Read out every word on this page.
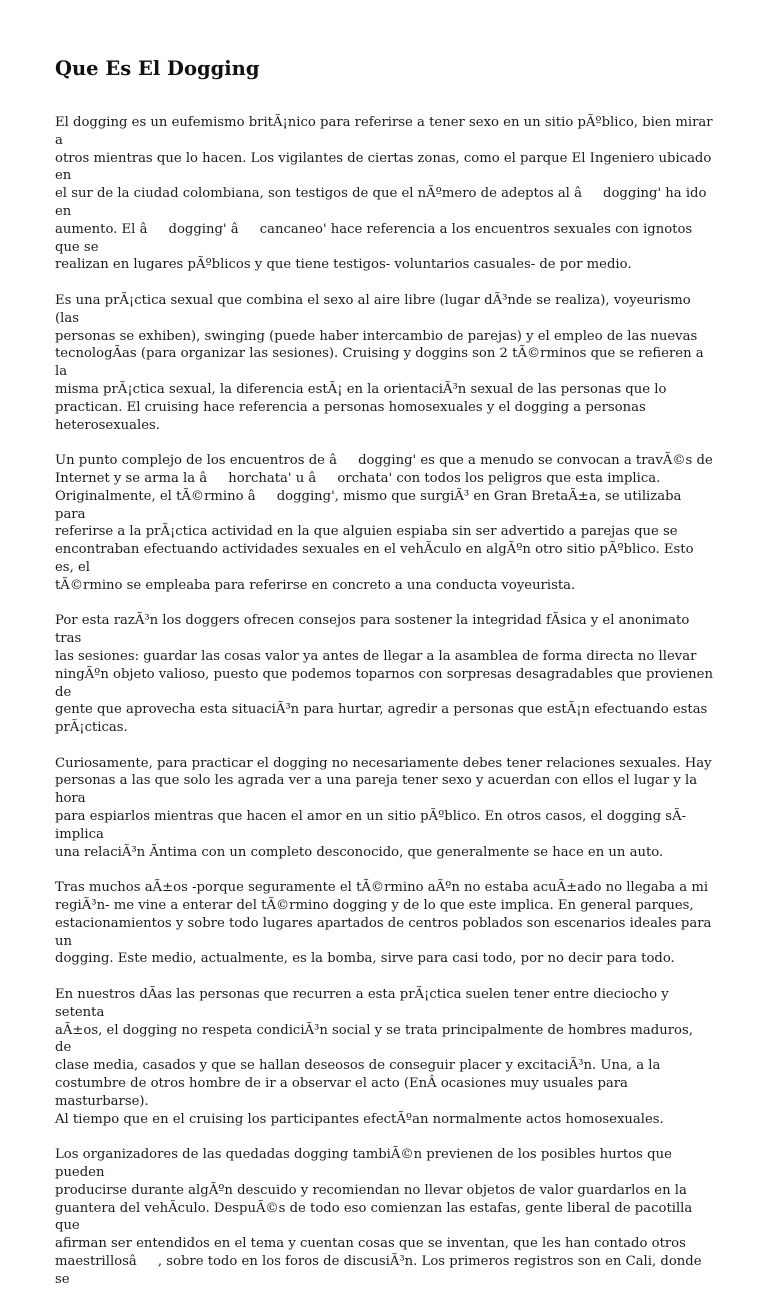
Que Es El Dogging

El dogging es un eufemismo britÃ¡nico para referirse a tener sexo en un sitio pÃºblico, bien mirar a
otros mientras que lo hacen. Los vigilantes de ciertas zonas, como el parque El Ingeniero ubicado en
el sur de la ciudad colombiana, son testigos de que el nÃºmero de adeptos al âdogging' ha ido en
aumento. El âdogging' âcancaneo' hace referencia a los encuentros sexuales con ignotos que se
realizan en lugares pÃºblicos y que tiene testigos- voluntarios casuales- de por medio.

Es una prÃ¡ctica sexual que combina el sexo al aire libre (lugar dÃ³nde se realiza), voyeurismo (las
personas se exhiben), swinging (puede haber intercambio de parejas) y el empleo de las nuevas
tecnologÃas (para organizar las sesiones). Cruising y doggins son 2 tÃ©rminos que se refieren a la
misma prÃ¡ctica sexual, la diferencia estÃ¡ en la orientaciÃ³n sexual de las personas que lo
practican. El cruising hace referencia a personas homosexuales y el dogging a personas
heterosexuales.

Un punto complejo de los encuentros de âdogging' es que a menudo se convocan a travÃ©s de
Internet y se arma la âhorchata' u âorchata' con todos los peligros que esta implica.
Originalmente, el tÃ©rmino âdogging', mismo que surgiÃ³ en Gran BretaÃ±a, se utilizaba para
referirse a la prÃ¡ctica actividad en la que alguien espiaba sin ser advertido a parejas que se
encontraban efectuando actividades sexuales en el vehÃculo en algÃºn otro sitio pÃºblico. Esto es, el
tÃ©rmino se empleaba para referirse en concreto a una conducta voyeurista.

Por esta razÃ³n los doggers ofrecen consejos para sostener la integridad fÃsica y el anonimato tras
las sesiones: guardar las cosas valor ya antes de llegar a la asamblea de forma directa no llevar
ningÃºn objeto valioso, puesto que podemos toparnos con sorpresas desagradables que provienen de
gente que aprovecha esta situaciÃ³n para hurtar, agredir a personas que estÃ¡n efectuando estas
prÃ¡cticas.

Curiosamente, para practicar el dogging no necesariamente debes tener relaciones sexuales. Hay
personas a las que solo les agrada ver a una pareja tener sexo y acuerdan con ellos el lugar y la hora
para espiarlos mientras que hacen el amor en un sitio pÃºblico. En otros casos, el dogging sÃ implica
una relaciÃ³n Ãntima con un completo desconocido, que generalmente se hace en un auto.

Tras muchos aÃ±os -porque seguramente el tÃ©rmino aÃºn no estaba acuÃ±ado no llegaba a mi
regiÃ³n- me vine a enterar del tÃ©rmino dogging y de lo que este implica. En general parques,
estacionamientos y sobre todo lugares apartados de centros poblados son escenarios ideales para un
dogging. Este medio, actualmente, es la bomba, sirve para casi todo, por no decir para todo.

En nuestros dÃas las personas que recurren a esta prÃ¡ctica suelen tener entre dieciocho y setenta
aÃ±os, el dogging no respeta condiciÃ³n social y se trata principalmente de hombres maduros, de
clase media, casados y que se hallan deseosos de conseguir placer y excitaciÃ³n. Una, a la
costumbre de otros hombre de ir a observar el acto (EnÂ ocasiones muy usuales para masturbarse).
Al tiempo que en el cruising los participantes efectÃºan normalmente actos homosexuales.

Los organizadores de las quedadas dogging tambiÃ©n previenen de los posibles hurtos que pueden
producirse durante algÃºn descuido y recomiendan no llevar objetos de valor guardarlos en la
guantera del vehÃculo. DespuÃ©s de todo eso comienzan las estafas, gente liberal de pacotilla que
afirman ser entendidos en el tema y cuentan cosas que se inventan, que les han contado otros
maestrillosâ, sobre todo en los foros de discusiÃ³n. Los primeros registros son en Cali, donde se
